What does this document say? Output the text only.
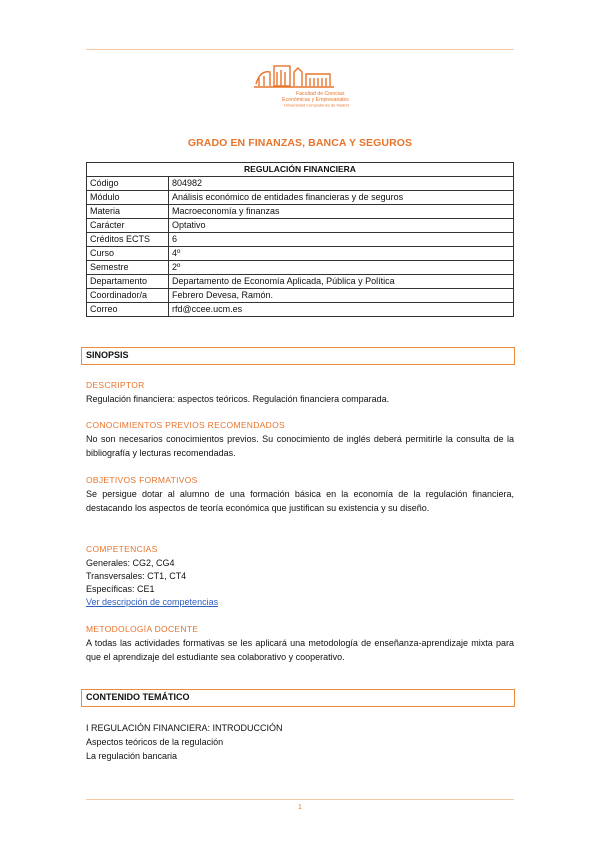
Facultad de Ciencias
Económicas y Empresariales
Universidad Complutense de Madrid
GRADO EN FINANZAS, BANCA Y SEGUROS
REGULACIÓN FINANCIERA	
Código	804982
Módulo	Análisis económico de entidades financieras y de seguros
Materia	Macroeconomía y finanzas
Carácter	Optativo
Créditos ECTS	6
Curso	4º
Semestre	2º
Departamento	Departamento de Economía Aplicada, Pública y Política
Coordinador/a	Febrero Devesa, Ramón.
Correo	rfd@ccee.ucm.es
SINOPSIS
DESCRIPTOR

Regulación financiera: aspectos teóricos. Regulación financiera comparada.

CONOCIMIENTOS PREVIOS RECOMENDADOS

No son necesarios conocimientos previos. Su conocimiento de inglés deberá permitirle la consulta de la bibliografía y lecturas recomendadas.

OBJETIVOS FORMATIVOS

Se persigue dotar al alumno de una formación básica en la economía de la regulación financiera, destacando los aspectos de teoría económica que justifican su existencia y su diseño.

COMPETENCIAS

Generales: CG2, CG4

Transversales: CT1, CT4

Específicas: CE1

Ver descripción de competencias

METODOLOGÍA DOCENTE

A todas las actividades formativas se les aplicará una metodología de enseñanza-aprendizaje mixta para que el aprendizaje del estudiante sea colaborativo y cooperativo.

CONTENIDO TEMÁTICO

I REGULACIÓN FINANCIERA: INTRODUCCIÓN

Aspectos teóricos de la regulación

La regulación bancaria

1
